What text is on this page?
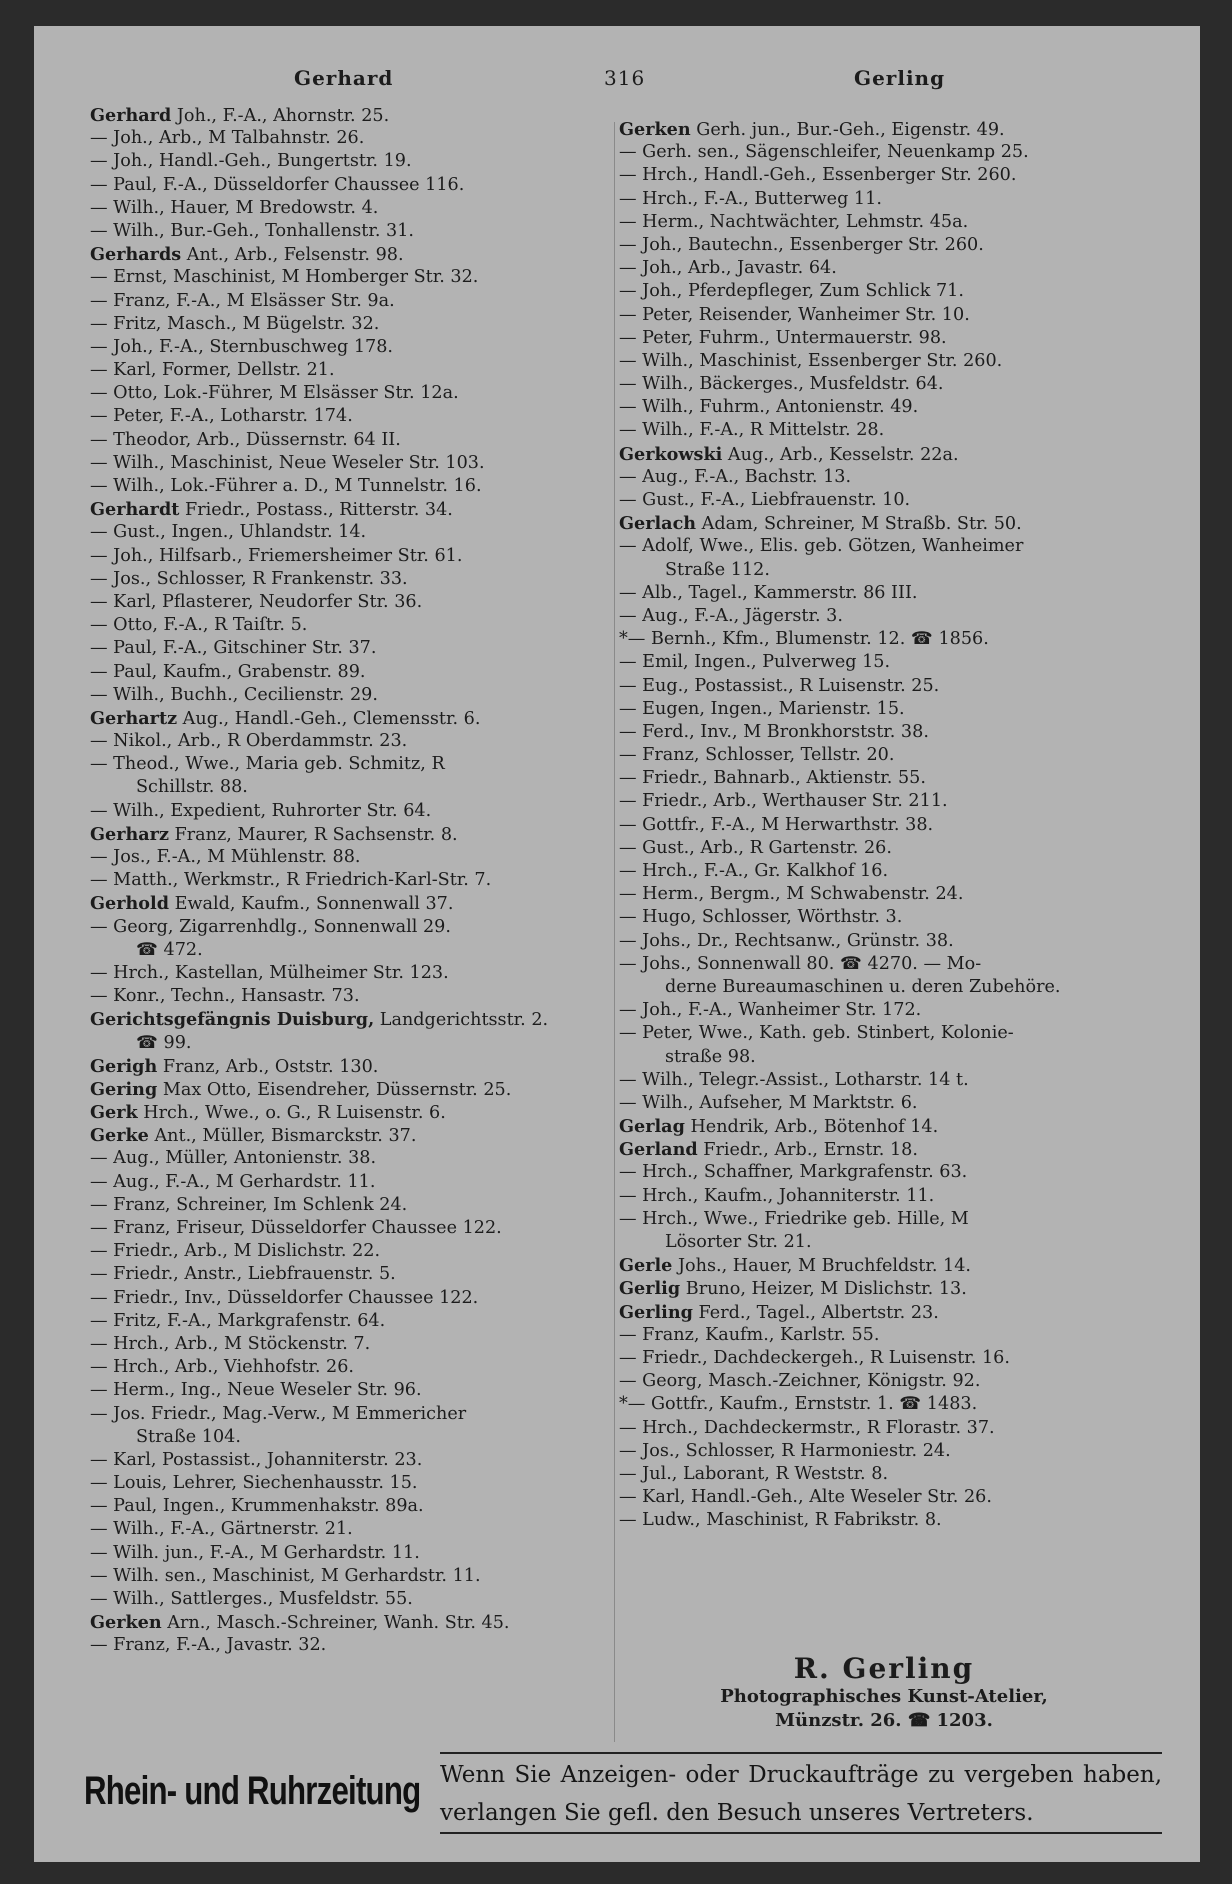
Gerhard	316	Gerling
Gerhard Joh., F.-A., Ahornstr. 25.
— Joh., Arb., M Talbahnstr. 26.
— Joh., Handl.-Geh., Bungertstr. 19.
— Paul, F.-A., Düsseldorfer Chaussee 116.
— Wilh., Hauer, M Bredowstr. 4.
— Wilh., Bur.-Geh., Tonhallenstr. 31.
Gerhards Ant., Arb., Felsenstr. 98.
— Ernst, Maschinist, M Homberger Str. 32.
— Franz, F.-A., M Elsässer Str. 9a.
— Fritz, Masch., M Bügelstr. 32.
— Joh., F.-A., Sternbuschweg 178.
— Karl, Former, Dellstr. 21.
— Otto, Lok.-Führer, M Elsässer Str. 12a.
— Peter, F.-A., Lotharstr. 174.
— Theodor, Arb., Düssernstr. 64 II.
— Wilh., Maschinist, Neue Weseler Str. 103.
— Wilh., Lok.-Führer a. D., M Tunnelstr. 16.
Gerhardt Friedr., Postass., Ritterstr. 34.
— Gust., Ingen., Uhlandstr. 14.
— Joh., Hilfsarb., Friemersheimer Str. 61.
— Jos., Schlosser, R Frankenstr. 33.
— Karl, Pflasterer, Neudorfer Str. 36.
— Otto, F.-A., R Taiſtr. 5.
— Paul, F.-A., Gitschiner Str. 37.
— Paul, Kaufm., Grabenstr. 89.
— Wilh., Buchh., Cecilienstr. 29.
Gerhartz Aug., Handl.-Geh., Clemensstr. 6.
— Nikol., Arb., R Oberdammstr. 23.
— Theod., Wwe., Maria geb. Schmitz, R
Schillstr. 88.
— Wilh., Expedient, Ruhrorter Str. 64.
Gerharz Franz, Maurer, R Sachsenstr. 8.
— Jos., F.-A., M Mühlenstr. 88.
— Matth., Werkmstr., R Friedrich-Karl-Str. 7.
Gerhold Ewald, Kaufm., Sonnenwall 37.
— Georg, Zigarrenhdlg., Sonnenwall 29.
☎ 472.
— Hrch., Kastellan, Mülheimer Str. 123.
— Konr., Techn., Hansastr. 73.
Gerichtsgefängnis Duisburg, Landgerichtsstr. 2.
☎ 99.
Gerigh Franz, Arb., Oststr. 130.
Gering Max Otto, Eisendreher, Düssernstr. 25.
Gerk Hrch., Wwe., o. G., R Luisenstr. 6.
Gerke Ant., Müller, Bismarckstr. 37.
— Aug., Müller, Antonienstr. 38.
— Aug., F.-A., M Gerhardstr. 11.
— Franz, Schreiner, Im Schlenk 24.
— Franz, Friseur, Düsseldorfer Chaussee 122.
— Friedr., Arb., M Dislichstr. 22.
— Friedr., Anstr., Liebfrauenstr. 5.
— Friedr., Inv., Düsseldorfer Chaussee 122.
— Fritz, F.-A., Markgrafenstr. 64.
— Hrch., Arb., M Stöckenstr. 7.
— Hrch., Arb., Viehhofstr. 26.
— Herm., Ing., Neue Weseler Str. 96.
— Jos. Friedr., Mag.-Verw., M Emmericher
Straße 104.
— Karl, Postassist., Johanniterstr. 23.
— Louis, Lehrer, Siechenhausstr. 15.
— Paul, Ingen., Krummenhakstr. 89a.
— Wilh., F.-A., Gärtnerstr. 21.
— Wilh. jun., F.-A., M Gerhardstr. 11.
— Wilh. sen., Maschinist, M Gerhardstr. 11.
— Wilh., Sattlerges., Musfeldstr. 55.
Gerken Arn., Masch.-Schreiner, Wanh. Str. 45.
— Franz, F.-A., Javastr. 32.
Gerken Gerh. jun., Bur.-Geh., Eigenstr. 49.
— Gerh. sen., Sägenschleifer, Neuenkamp 25.
— Hrch., Handl.-Geh., Essenberger Str. 260.
— Hrch., F.-A., Butterweg 11.
— Herm., Nachtwächter, Lehmstr. 45a.
— Joh., Bautechn., Essenberger Str. 260.
— Joh., Arb., Javastr. 64.
— Joh., Pferdepfleger, Zum Schlick 71.
— Peter, Reisender, Wanheimer Str. 10.
— Peter, Fuhrm., Untermauerstr. 98.
— Wilh., Maschinist, Essenberger Str. 260.
— Wilh., Bäckerges., Musfeldstr. 64.
— Wilh., Fuhrm., Antonienstr. 49.
— Wilh., F.-A., R Mittelstr. 28.
Gerkowski Aug., Arb., Kesselstr. 22a.
— Aug., F.-A., Bachstr. 13.
— Gust., F.-A., Liebfrauenstr. 10.
Gerlach Adam, Schreiner, M Straßb. Str. 50.
— Adolf, Wwe., Elis. geb. Götzen, Wanheimer
Straße 112.
— Alb., Tagel., Kammerstr. 86 III.
— Aug., F.-A., Jägerstr. 3.
*— Bernh., Kfm., Blumenstr. 12. ☎ 1856.
— Emil, Ingen., Pulverweg 15.
— Eug., Postassist., R Luisenstr. 25.
— Eugen, Ingen., Marienstr. 15.
— Ferd., Inv., M Bronkhorststr. 38.
— Franz, Schlosser, Tellstr. 20.
— Friedr., Bahnarb., Aktienstr. 55.
— Friedr., Arb., Werthauser Str. 211.
— Gottfr., F.-A., M Herwarthstr. 38.
— Gust., Arb., R Gartenstr. 26.
— Hrch., F.-A., Gr. Kalkhof 16.
— Herm., Bergm., M Schwabenstr. 24.
— Hugo, Schlosser, Wörthstr. 3.
— Johs., Dr., Rechtsanw., Grünstr. 38.
— Johs., Sonnenwall 80. ☎ 4270. — Mo-
derne Bureaumaschinen u. deren Zubehöre.
— Joh., F.-A., Wanheimer Str. 172.
— Peter, Wwe., Kath. geb. Stinbert, Kolonie-
straße 98.
— Wilh., Telegr.-Assist., Lotharstr. 14 t.
— Wilh., Aufseher, M Marktstr. 6.
Gerlag Hendrik, Arb., Bötenhof 14.
Gerland Friedr., Arb., Ernstr. 18.
— Hrch., Schaffner, Markgrafenstr. 63.
— Hrch., Kaufm., Johanniterstr. 11.
— Hrch., Wwe., Friedrike geb. Hille, M
Lösorter Str. 21.
Gerle Johs., Hauer, M Bruchfeldstr. 14.
Gerlig Bruno, Heizer, M Dislichstr. 13.
Gerling Ferd., Tagel., Albertstr. 23.
— Franz, Kaufm., Karlstr. 55.
— Friedr., Dachdeckergeh., R Luisenstr. 16.
— Georg, Masch.-Zeichner, Königstr. 92.
*— Gottfr., Kaufm., Ernststr. 1. ☎ 1483.
— Hrch., Dachdeckermstr., R Florastr. 37.
— Jos., Schlosser, R Harmoniestr. 24.
— Jul., Laborant, R Weststr. 8.
— Karl, Handl.-Geh., Alte Weseler Str. 26.
— Ludw., Maschinist, R Fabrikstr. 8.
R. Gerling
Photographisches Kunst-Atelier,
Münzstr. 26. ☎ 1203.
Rhein- und Ruhrzeitung Wenn Sie Anzeigen- oder Druckaufträge zu vergeben haben, verlangen Sie gefl. den Besuch unseres Vertreters.
